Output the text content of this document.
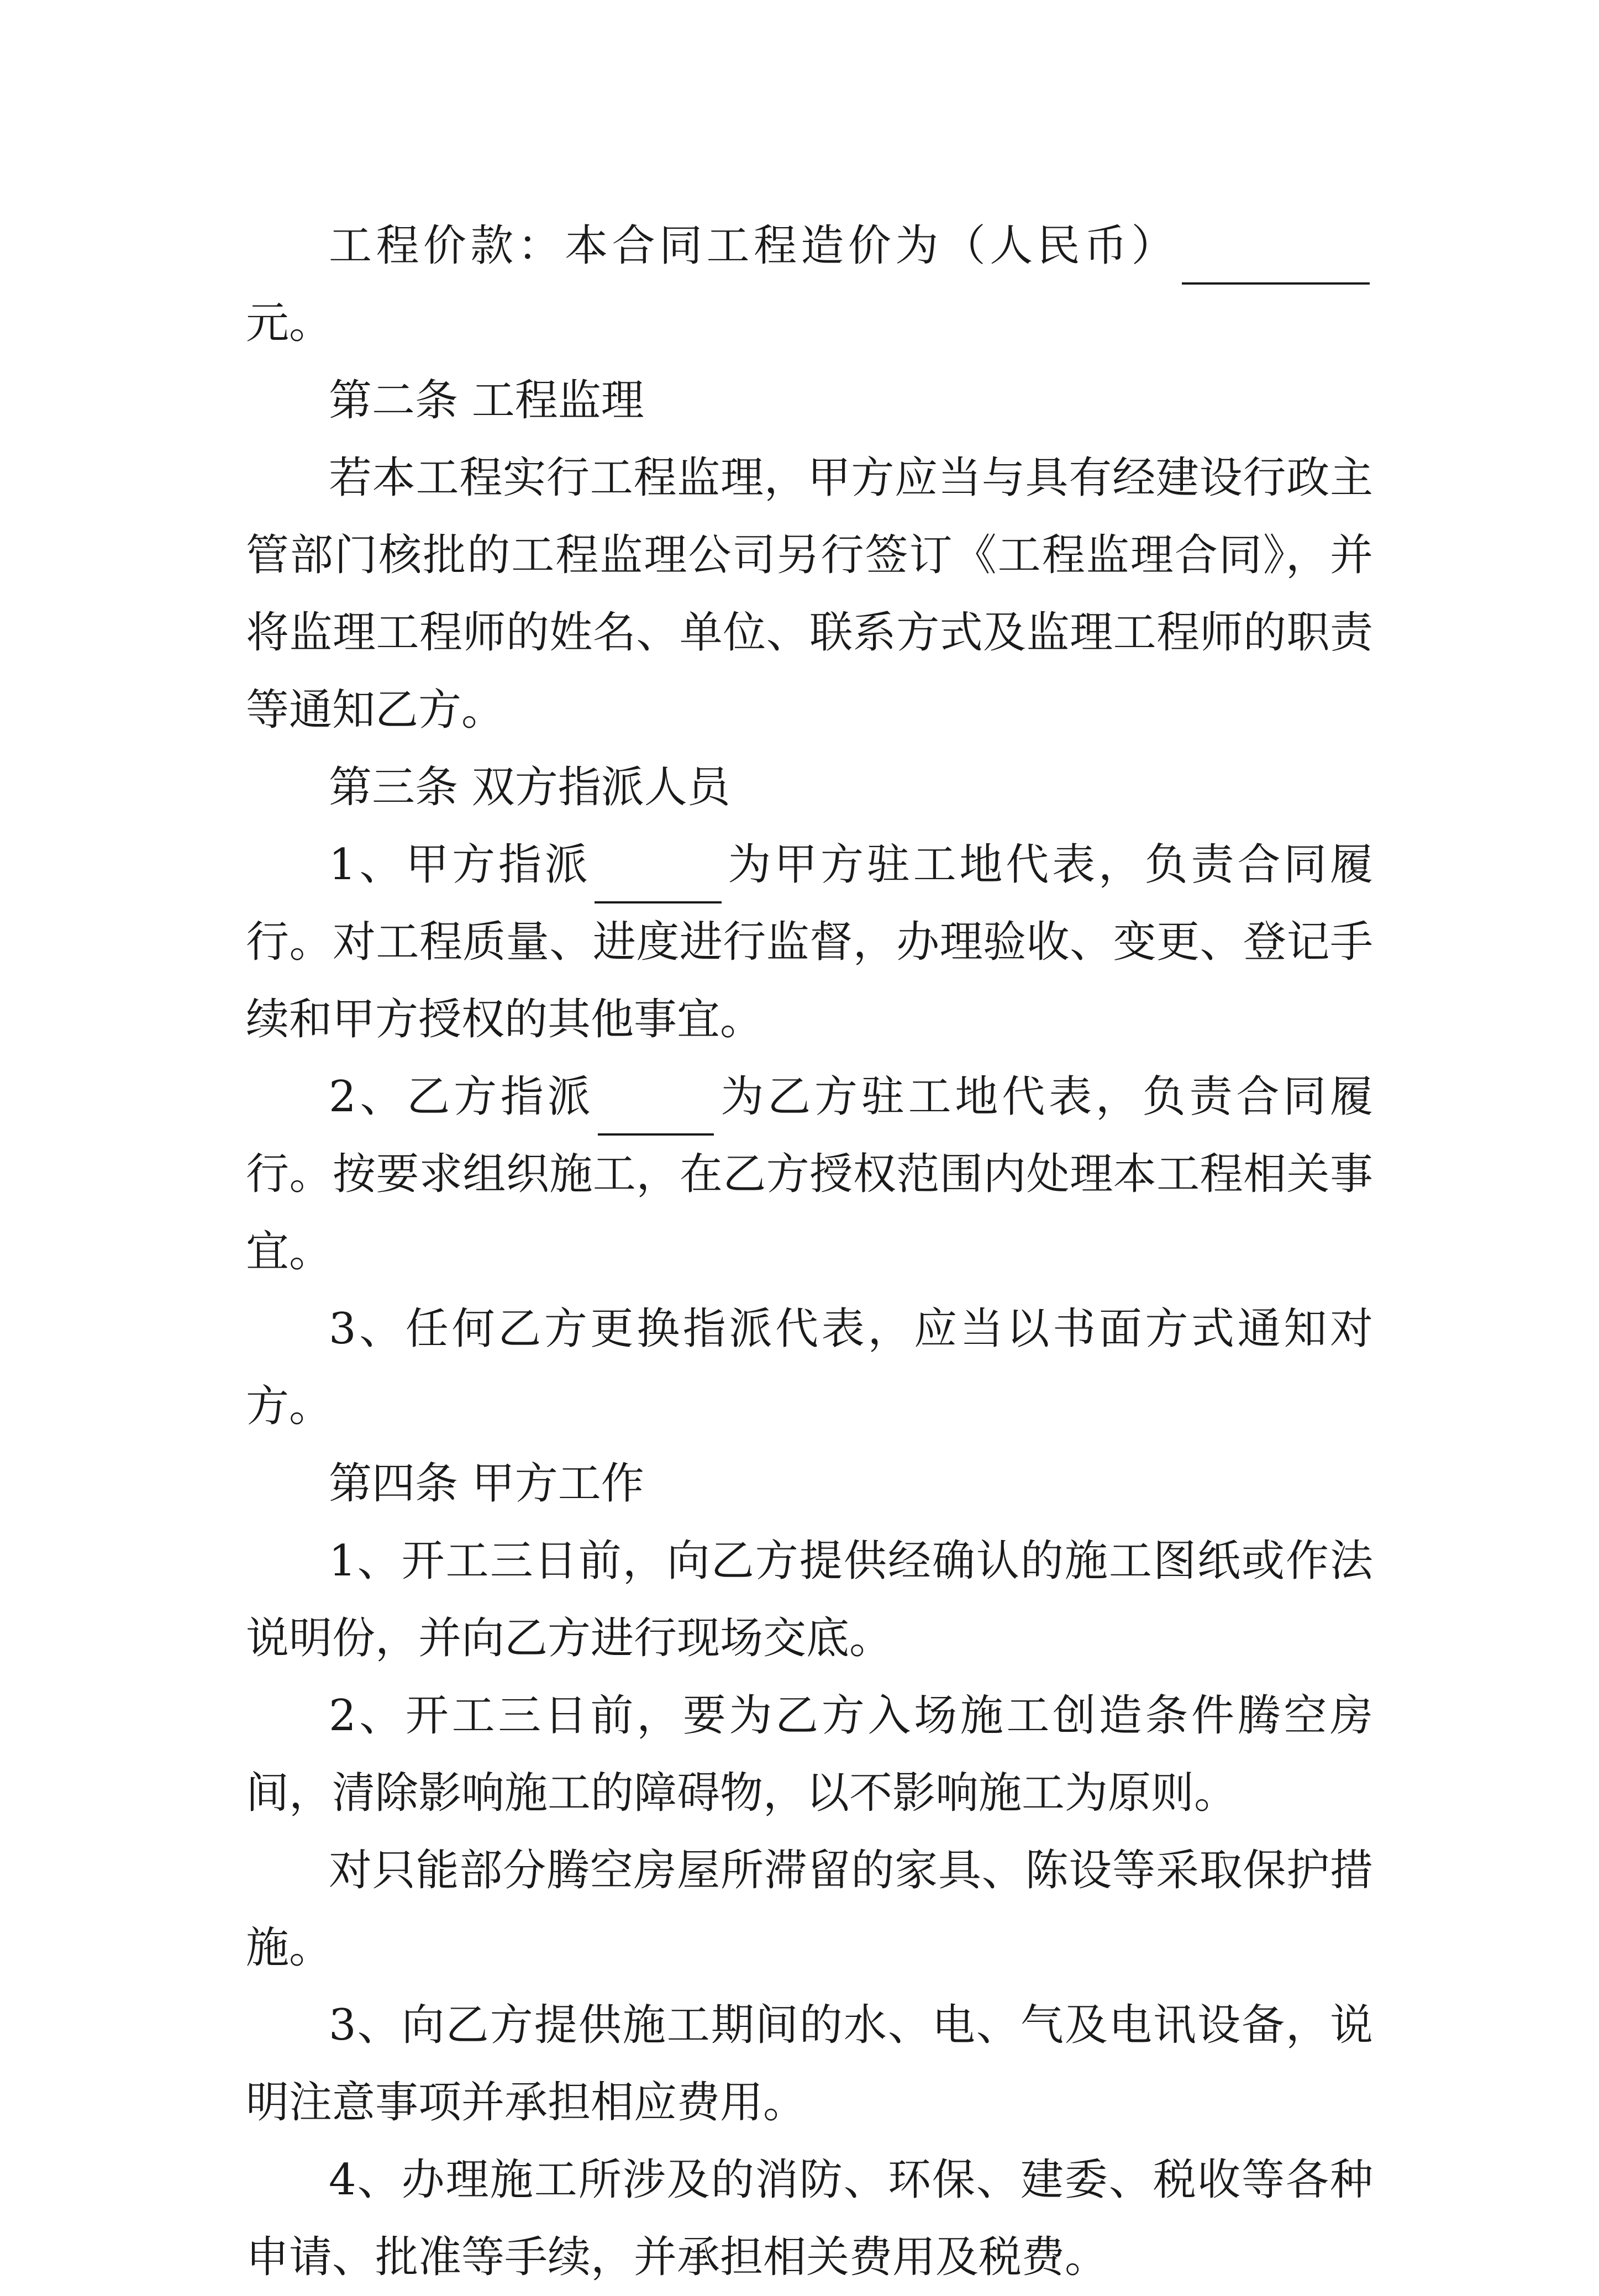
工程价款：本合同工程造价为（人民币）元。

第二条 工程监理

若本工程实行工程监理，甲方应当与具有经建设行政主管部门核批的工程监理公司另行签订《工程监理合同》，并将监理工程师的姓名、单位、联系方式及监理工程师的职责等通知乙方。

第三条 双方指派人员

1、甲方指派	为甲方驻工地代表，负责合同履行。对工程质量、进度进行监督，办理验收、变更、登记手续和甲方授权的其他事宜。

2、乙方指派	为乙方驻工地代表，负责合同履行。按要求组织施工，在乙方授权范围内处理本工程相关事宜。

3、任何乙方更换指派代表，应当以书面方式通知对方。

第四条 甲方工作

1、开工三日前，向乙方提供经确认的施工图纸或作法说明份，并向乙方进行现场交底。

2、开工三日前，要为乙方入场施工创造条件腾空房间，清除影响施工的障碍物，以不影响施工为原则。

对只能部分腾空房屋所滞留的家具、陈设等采取保护措施。

3、向乙方提供施工期间的水、电、气及电讯设备，说明注意事项并承担相应费用。

4、办理施工所涉及的消防、环保、建委、税收等各种申请、批准等手续，并承担相关费用及税费。
